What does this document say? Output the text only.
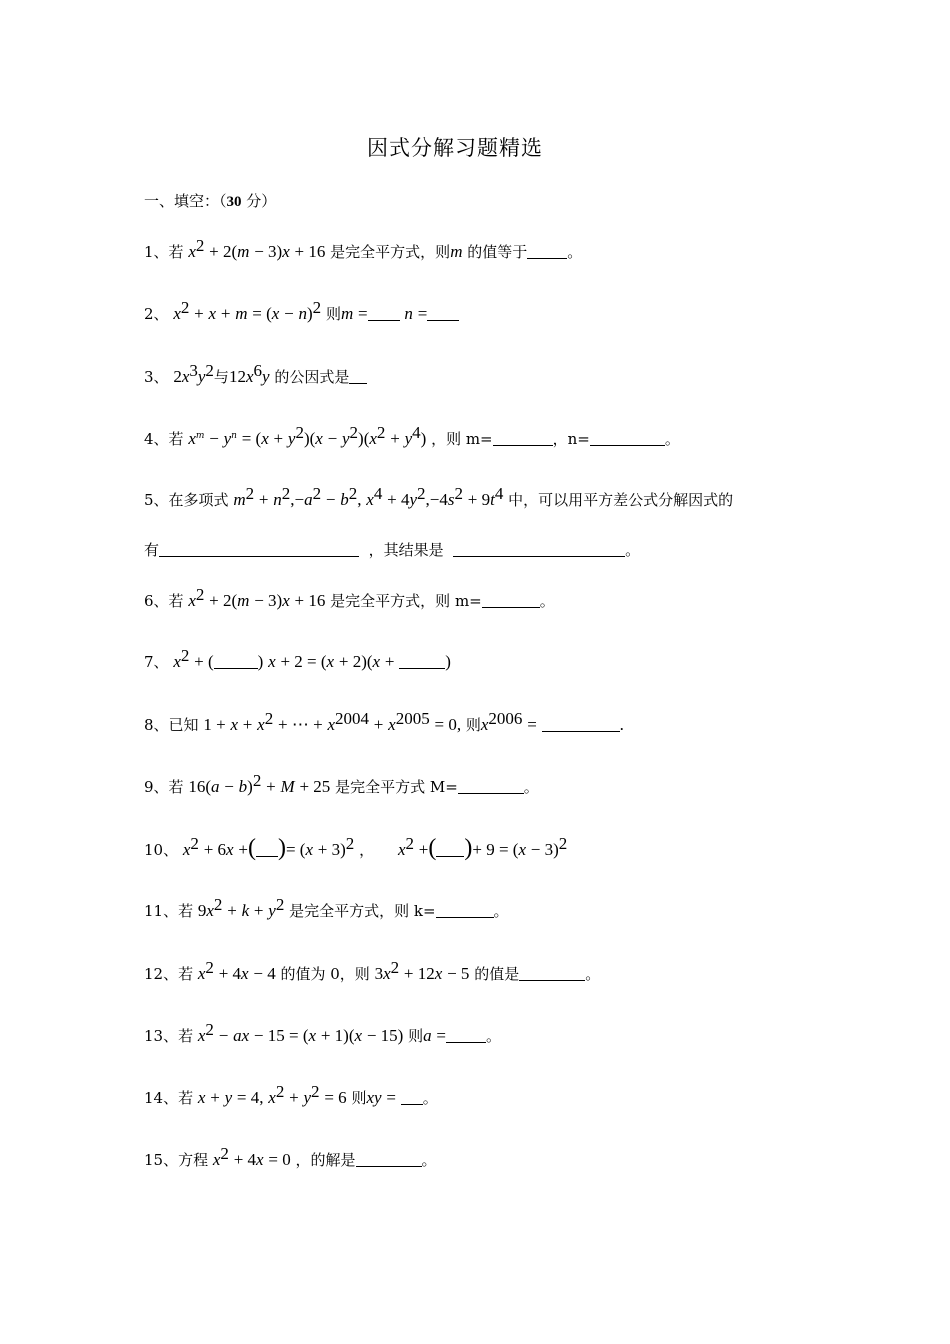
因式分解习题精选
一、填空：（30 分）
1、若 $x^2 + 2(m - 3)x + 16$ 是完全平方式，则m 的值等于	。
2、 $x^2 + x + m = (x - n)^2$ 则m = n =
3、 $2x^3y^2$与$12x^6y$ 的公因式是
4、若 $x^m - y^n = (x + y^2)(x - y^2)(x^2 + y^4)$ ，则 m=	，n=	。
5、在多项式 $m^2 + n^2,-a^2 - b^2$, $x^4 + 4y^2,-4s^2 + 9t^4$ 中，可以用平方差公式分解因式的
有	，其结果是	。
6、若 $x^2 + 2(m - 3)x + 16$ 是完全平方式，则 m=	。
7、 $x^2$ + (	) x + 2 = (x + 2)(x +	)
8、已知 $1 + x + x^2$ + ⋯ + $x^{2004} + x^{2005} = 0$, 则$x^{2006}$ =	.
9、若 $16(a - b)^2 + M + 25$ 是完全平方式 M=	。
10、 $x^2 + 6x$ +( )= $(x + 3)^2$ ， $x^2$ +( )+ $9 = (x - 3)^2$
11、若 $9x^2 + k + y^2$ 是完全平方式，则 k=	。
12、若 $x^2 + 4x - 4$ 的值为 0，则 $3x^2 + 12x - 5$ 的值是	。
13、若 $x^2$ − ax − 15 = (x + 1)(x − 15) 则a =	。
14、若 x + y = 4, $x^2 + y^2 = 6$ 则xy = 。
15、方程 $x^2 + 4x = 0$ ，的解是	。
